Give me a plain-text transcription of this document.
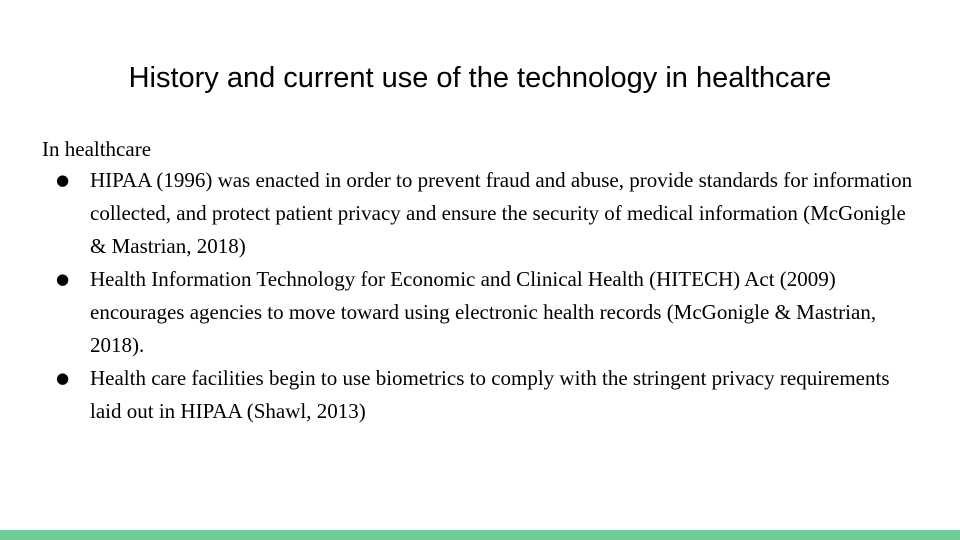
History and current use of the technology in healthcare

In healthcare

● HIPAA (1996) was enacted in order to prevent fraud and abuse, provide standards for information collected, and protect patient privacy and ensure the security of medical information (McGonigle & Mastrian, 2018)
● Health Information Technology for Economic and Clinical Health (HITECH) Act (2009) encourages agencies to move toward using electronic health records (McGonigle & Mastrian, 2018).
● Health care facilities begin to use biometrics to comply with the stringent privacy requirements laid out in HIPAA (Shawl, 2013)
